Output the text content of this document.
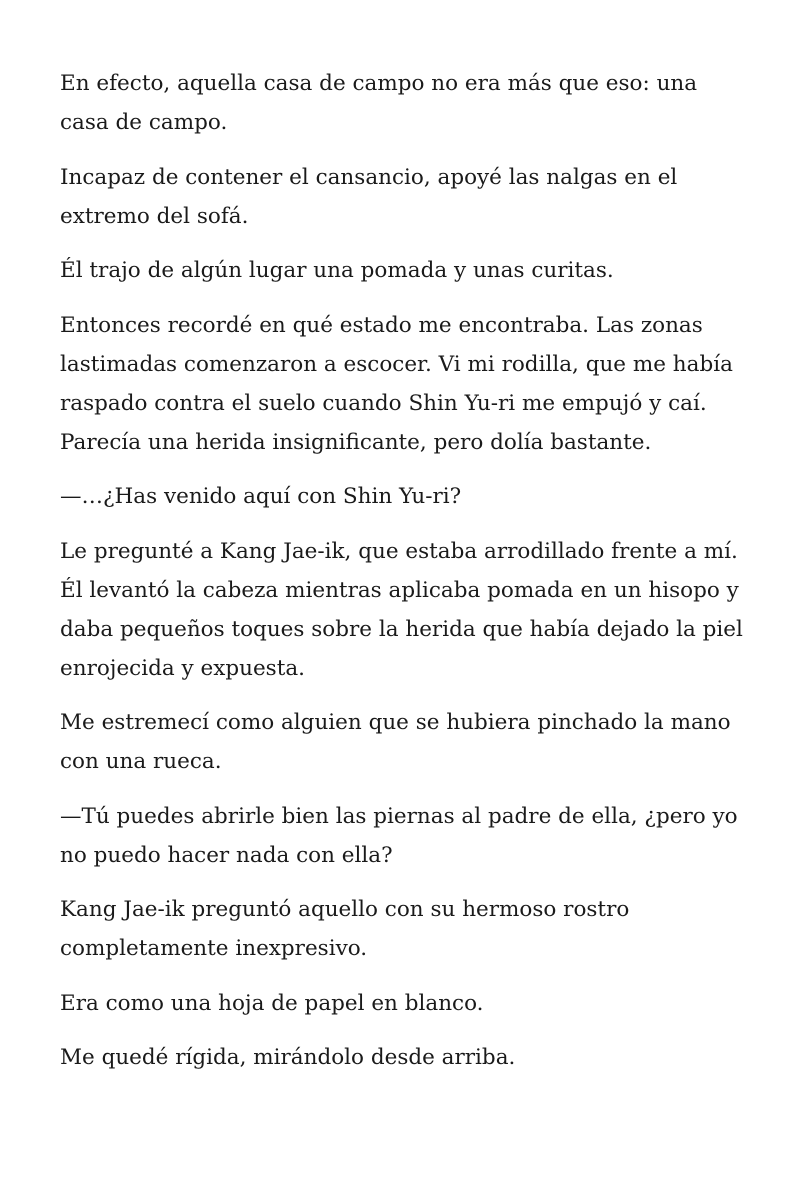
En efecto, aquella casa de campo no era más que eso: una casa de campo.

Incapaz de contener el cansancio, apoyé las nalgas en el extremo del sofá.

Él trajo de algún lugar una pomada y unas curitas.

Entonces recordé en qué estado me encontraba. Las zonas lastimadas comenzaron a escocer. Vi mi rodilla, que me había raspado contra el suelo cuando Shin Yu-ri me empujó y caí. Parecía una herida insignificante, pero dolía bastante.

—…¿Has venido aquí con Shin Yu-ri?

Le pregunté a Kang Jae-ik, que estaba arrodillado frente a mí. Él levantó la cabeza mientras aplicaba pomada en un hisopo y daba pequeños toques sobre la herida que había dejado la piel enrojecida y expuesta.

Me estremecí como alguien que se hubiera pinchado la mano con una rueca.

—Tú puedes abrirle bien las piernas al padre de ella, ¿pero yo no puedo hacer nada con ella?

Kang Jae-ik preguntó aquello con su hermoso rostro completamente inexpresivo.

Era como una hoja de papel en blanco.

Me quedé rígida, mirándolo desde arriba.
